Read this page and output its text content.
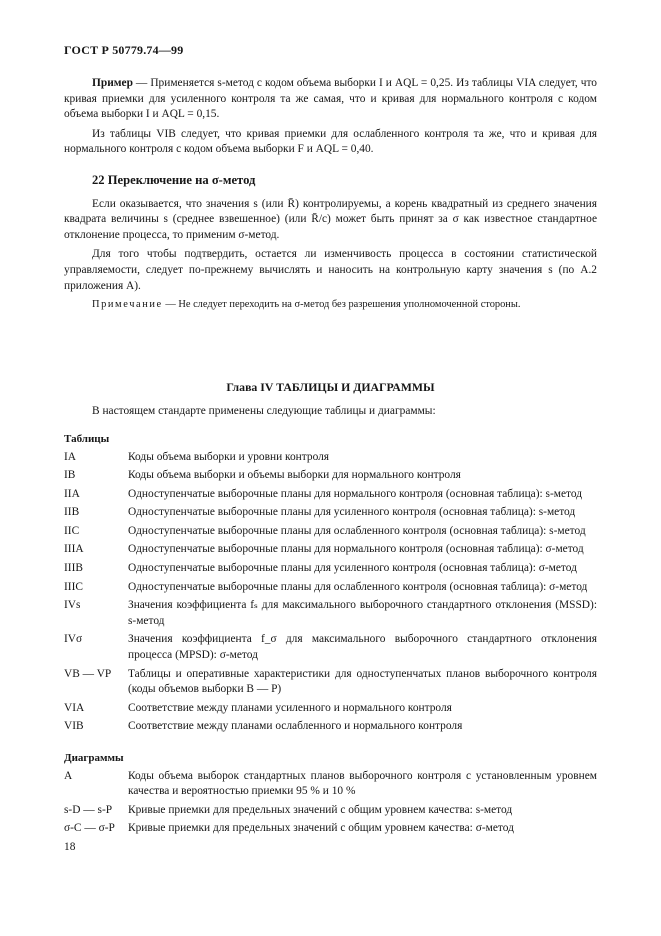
ГОСТ Р 50779.74—99

Пример — Применяется s-метод с кодом объема выборки I и AQL = 0,25. Из таблицы VIA следует, что кривая приемки для усиленного контроля та же самая, что и кривая для нормального контроля с кодом объема выборки I и AQL = 0,15.

Из таблицы VIB следует, что кривая приемки для ослабленного контроля та же, что и кривая для нормального контроля с кодом объема выборки F и AQL = 0,40.

22 Переключение на σ-метод

Если оказывается, что значения s (или R̄) контролируемы, а корень квадратный из среднего значения квадрата величины s (среднее взвешенное) (или R̄/c) может быть принят за σ как известное стандартное отклонение процесса, то применим σ-метод.

Для того чтобы подтвердить, остается ли изменчивость процесса в состоянии статистической управляемости, следует по-прежнему вычислять и наносить на контрольную карту значения s (по А.2 приложения А).

Примечание — Не следует переходить на σ-метод без разрешения уполномоченной стороны.

Глава IV ТАБЛИЦЫ И ДИАГРАММЫ

В настоящем стандарте применены следующие таблицы и диаграммы:

Таблицы
IA	Коды объема выборки и уровни контроля
IB	Коды объема выборки и объемы выборки для нормального контроля
IIA	Одноступенчатые выборочные планы для нормального контроля (основная таблица): s-метод
IIB	Одноступенчатые выборочные планы для усиленного контроля (основная таблица): s-метод
IIC	Одноступенчатые выборочные планы для ослабленного контроля (основная таблица): s-метод
IIIA	Одноступенчатые выборочные планы для нормального контроля (основная таблица): σ-метод
IIIB	Одноступенчатые выборочные планы для усиленного контроля (основная таблица): σ-метод
IIIC	Одноступенчатые выборочные планы для ослабленного контроля (основная таблица): σ-метод
IVs	Значения коэффициента fₛ для максимального выборочного стандартного отклонения (MSSD): s-метод
IVσ	Значения коэффициента f_σ для максимального выборочного стандартного отклонения процесса (MPSD): σ-метод
VB — VP	Таблицы и оперативные характеристики для одноступенчатых планов выборочного контроля (коды объемов выборки B — P)
VIA	Соответствие между планами усиленного и нормального контроля
VIB	Соответствие между планами ослабленного и нормального контроля
Диаграммы
A	Коды объема выборок стандартных планов выборочного контроля с установленным уровнем качества и вероятностью приемки 95 % и 10 %
s-D — s-P	Кривые приемки для предельных значений с общим уровнем качества: s-метод
σ-C — σ-P	Кривые приемки для предельных значений с общим уровнем качества: σ-метод
18
